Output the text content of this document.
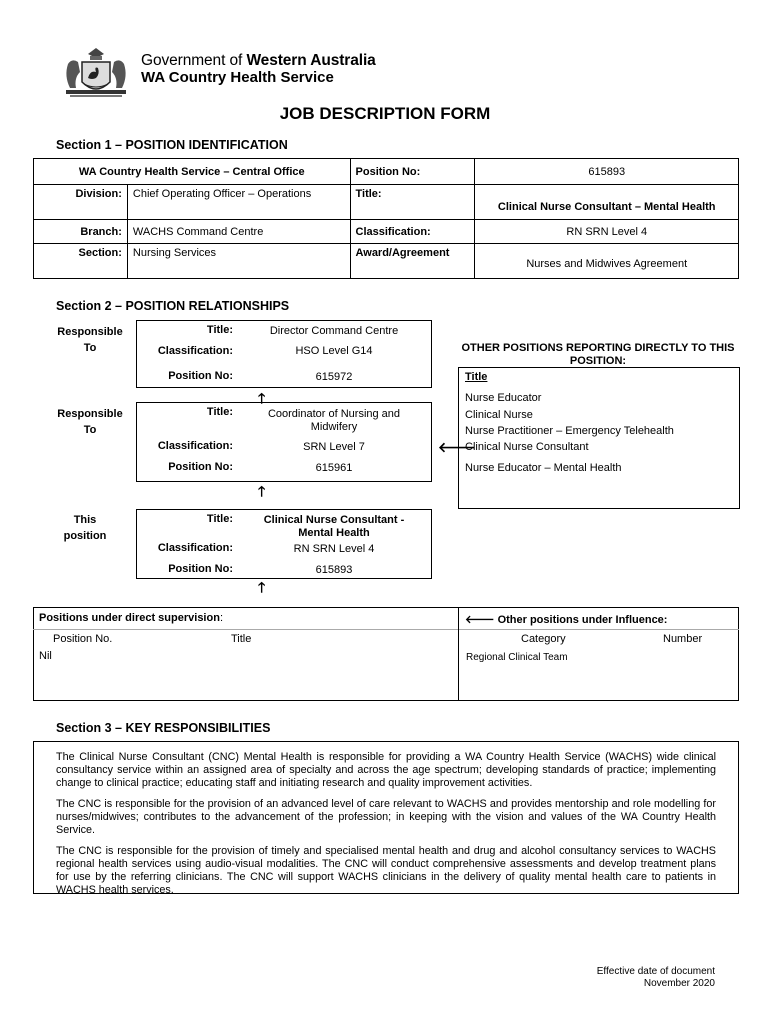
Government of Western Australia
WA Country Health Service
JOB DESCRIPTION FORM
Section 1 – POSITION IDENTIFICATION
WA Country Health Service – Central Office		Position No:	615893
Division:	Chief Operating Officer – Operations	Title:	Clinical Nurse Consultant – Mental Health
Branch:	WACHS Command Centre	Classification:	RN SRN Level 4
Section:	Nursing Services	Award/Agreement	Nurses and Midwives Agreement
Section 2 – POSITION RELATIONSHIPS
Responsible
To
Responsible
To
This
position
Title:	Director Command Centre
Classification:	HSO Level G14
Position No:	615972
🡑
Title:	Coordinator of Nursing and Midwifery
Classification:	SRN Level 7
Position No:	615961
🡑
🡐
Title:	Clinical Nurse Consultant - Mental Health
Classification:	RN SRN Level 4
Position No:	615893
🡑
OTHER POSITIONS REPORTING DIRECTLY TO THIS POSITION:
Title
Nurse Educator
Clinical Nurse
Nurse Practitioner – Emergency Telehealth
Clinical Nurse Consultant
Nurse Educator – Mental Health
Positions under direct supervision:
Position No.	Title
Nil
🡐 Other positions under Influence:
Category	Number
Regional Clinical Team
Section 3 – KEY RESPONSIBILITIES

The Clinical Nurse Consultant (CNC) Mental Health is responsible for providing a WA Country Health Service (WACHS) wide clinical consultancy service within an assigned area of specialty and across the age spectrum; developing standards of practice; implementing change to clinical practice; educating staff and initiating research and quality improvement activities.

The CNC is responsible for the provision of an advanced level of care relevant to WACHS and provides mentorship and role modelling for nurses/midwives; contributes to the advancement of the profession; in keeping with the vision and values of the WA Country Health Service.

The CNC is responsible for the provision of timely and specialised mental health and drug and alcohol consultancy services to WACHS regional health services using audio-visual modalities. The CNC will conduct comprehensive assessments and develop treatment plans for use by the referring clinicians. The CNC will support WACHS clinicians in the delivery of quality mental health care to patients in WACHS health services.

Effective date of document
November 2020
